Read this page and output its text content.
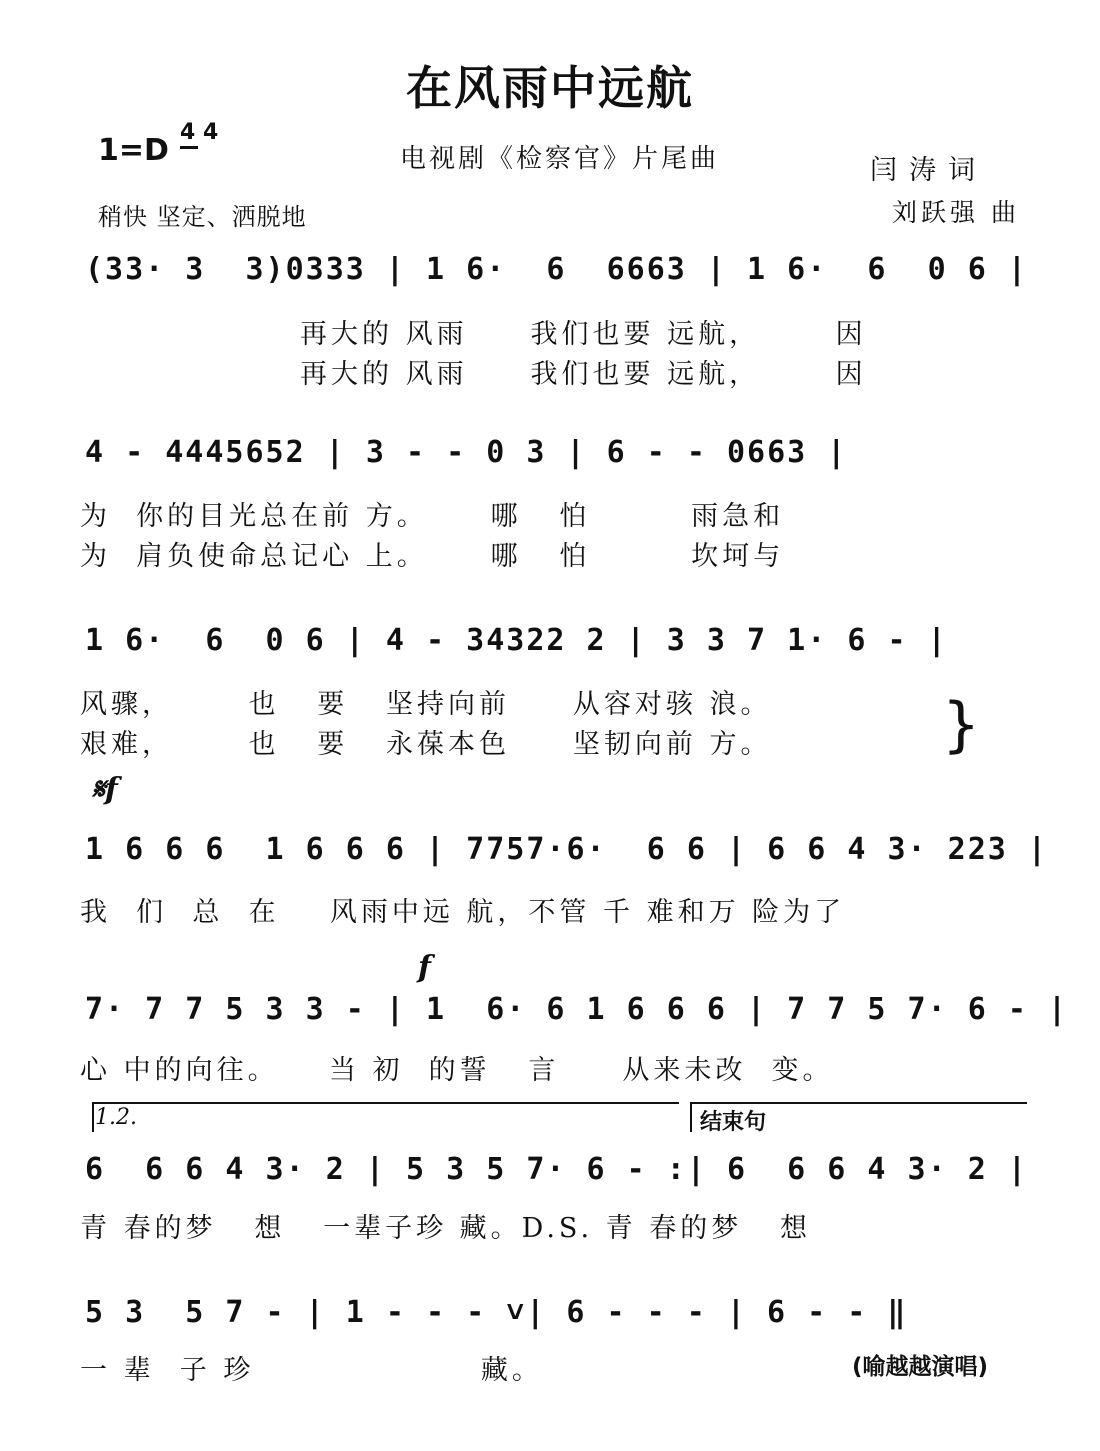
在风雨中远航
1=D
4 4
电视剧《检察官》片尾曲	闫涛词
刘跃强 曲
稍快 坚定、洒脱地
(33· 3  3)0333 | 1 6·  6  6663 | 1 6·  6  0 6 |
再大的 风雨     我们也要 远航，      因
再大的 风雨     我们也要 远航，      因
4 - 4445652 | 3 - - 0 3 | 6 - - 0663 |
为  你的目光总在前 方。     哪   怕        雨急和
为  肩负使命总记心 上。     哪   怕        坎坷与
1 6·  6  0 6 | 4 - 34322 2 | 3 3 7 1· 6 - |
风骤，      也   要   坚持向前     从容对骇 浪。
艰难，      也   要   永葆本色     坚韧向前 方。	}
𝄋f
1 6 6 6  1 6 6 6 | 7757·6·  6 6 | 6 6 4 3· 223 |
我  们  总  在    风雨中远 航，不管 千 难和万 险为了
f
7· 7 7 5 3 3 - | 1  6· 6 1 6 6 6 | 7 7 5 7· 6 - |
心 中的向往。    当 初  的誓   言     从来未改  变。
1.2.	结束句
6  6 6 4 3· 2 | 5 3 5 7· 6 - :| 6  6 6 4 3· 2 |
青 春的梦   想   一辈子珍 藏。D.S. 青 春的梦   想
5 3  5 7 - | 1 - - - ˅| 6 - - - | 6 - - ‖
一 辈  子 珍                  藏。	(喻越越演唱)
